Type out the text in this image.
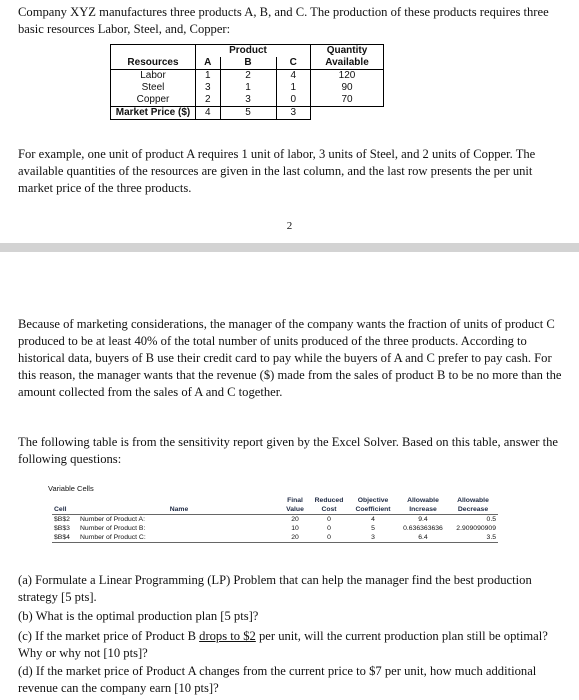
Company XYZ manufactures three products A, B, and C. The production of these products requires three basic resources Labor, Steel, and, Copper:

		Product		Quantity
Resources	A	B	C	Available
Labor	1	2	4	120
Steel	3	1	1	90
Copper	2	3	0	70
Market Price ($)	4	5	3	

For example, one unit of product A requires 1 unit of labor, 3 units of Steel, and 2 units of Copper. The available quantities of the resources are given in the last column, and the last row presents the per unit market price of the three products.

2

Because of marketing considerations, the manager of the company wants the fraction of units of product C produced to be at least 40% of the total number of units produced of the three products. According to historical data, buyers of B use their credit card to pay while the buyers of A and C prefer to pay cash. For this reason, the manager wants that the revenue ($) made from the sales of product B to be no more than the amount collected from the sales of A and C together.

The following table is from the sensitivity report given by the Excel Solver. Based on this table, answer the following questions:

Variable Cells
		Final	Reduced	Objective	Allowable	Allowable
Cell	Name	Value	Cost	Coefficient	Increase	Decrease
$B$2	Number of Product A:	20	0	4	9.4	0.5
$B$3	Number of Product B:	10	0	5	0.636363636	2.909090909
$B$4	Number of Product C:	20	0	3	6.4	3.5

(a) Formulate a Linear Programming (LP) Problem that can help the manager find the best production strategy [5 pts].

(b) What is the optimal production plan [5 pts]?

(c) If the market price of Product B drops to $2 per unit, will the current production plan still be optimal? Why or why not [10 pts]?

(d) If the market price of Product A changes from the current price to $7 per unit, how much additional revenue can the company earn [10 pts]?
